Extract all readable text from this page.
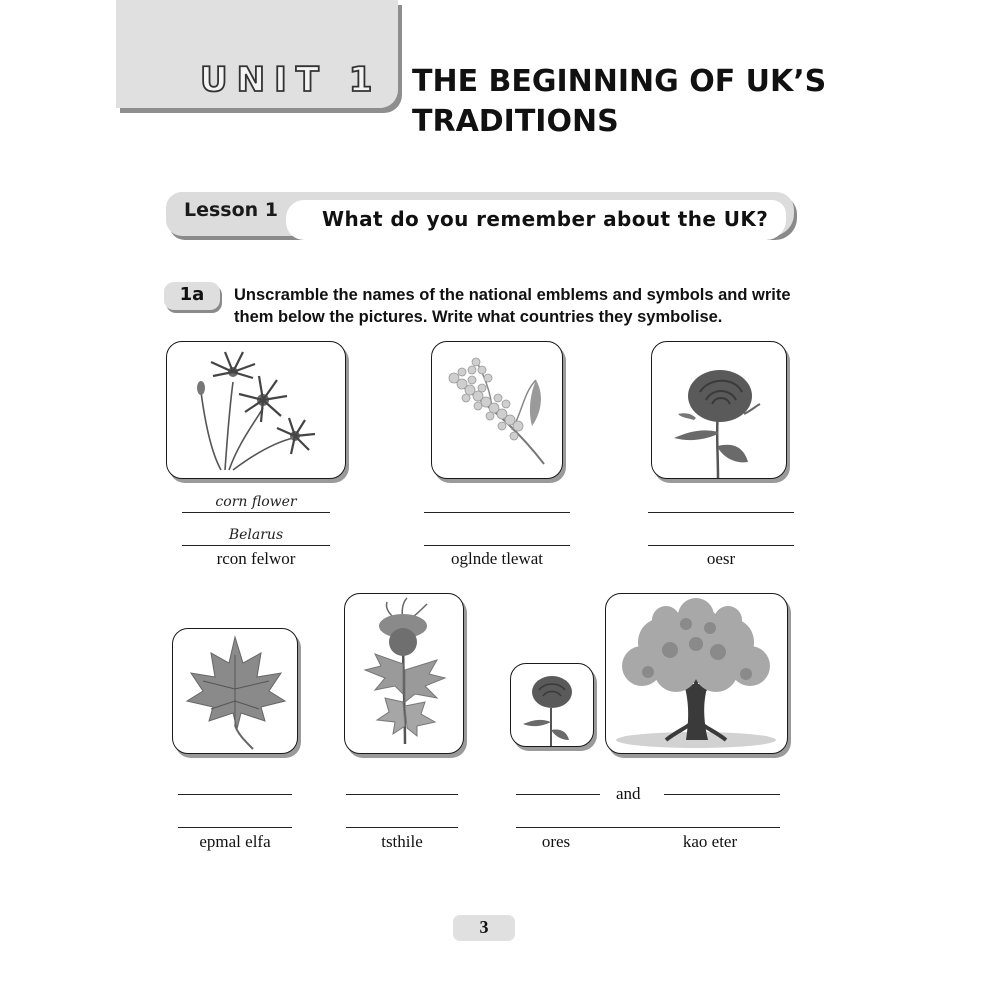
UNIT 1 THE BEGINNING OF UK’S
TRADITIONS
Lesson 1 What do you remember about the UK?
1a	Unscramble the names of the national emblems and symbols and write them below the pictures. Write what countries they symbolise.
corn flower
Belarus
rcon felwor	oglnde tlewat	oesr
epmal elfa	tsthile
and
ores	kao eter
3
